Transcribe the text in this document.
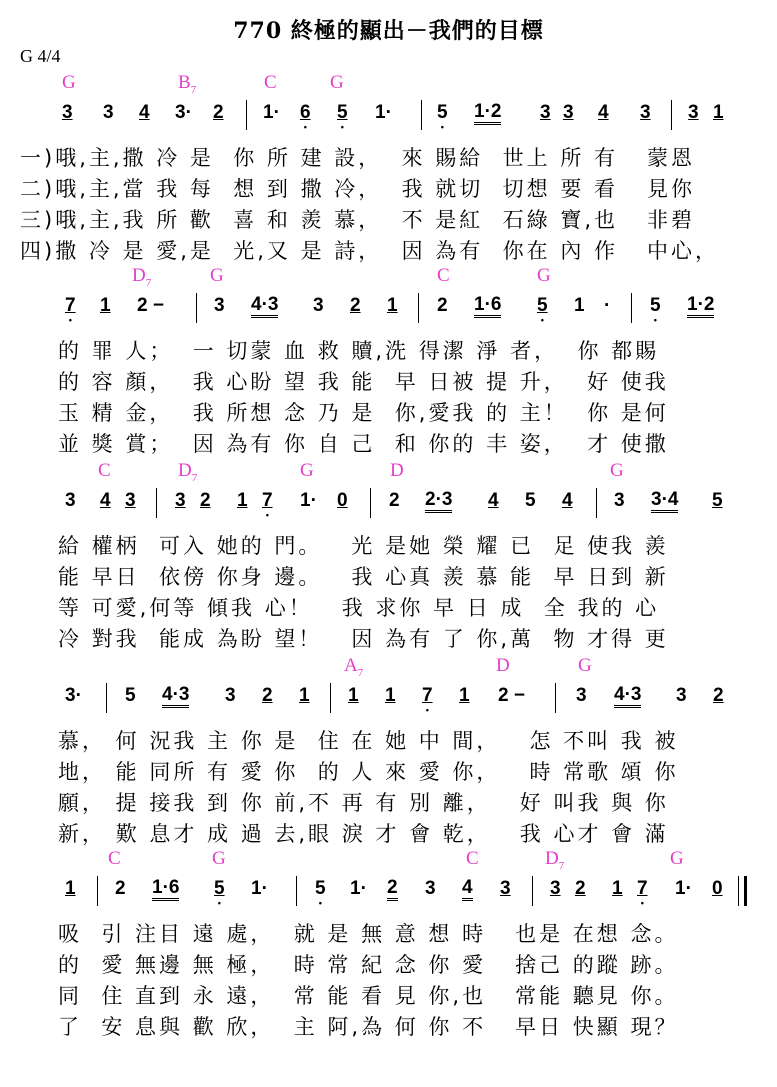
770 終極的顯出－我們的目標
G 4/4
G	$B_7$	C	G
3 3 4 3· 2 1· 6 • 5 • 1· 5 • 1·2 3 3 4 3 3 1
一)哦,主,撒 冷 是  你 所 建 設，  來 賜給  世上 所 有   蒙恩
二)哦,主,當 我 每  想 到 撒 冷，  我 就切  切想 要 看   見你
三)哦,主,我 所 歡  喜 和 羨 慕，  不 是紅  石綠 寶,也   非碧
四)撒 冷 是 愛,是  光,又 是 詩，  因 為有  你在 內 作   中心，
$D_7$	G	C	G
7 • 1 2 −	3 4·3 3 2 1 2 1·6 5 • 1 · 5 • 1·2
的 罪 人；  一 切蒙 血 救 贖,洗 得潔 淨 者，  你 都賜
的 容 顏，  我 心盼 望 我 能  早 日被 提 升，  好 使我
玉 精 金，  我 所想 念 乃 是  你,愛我 的 主！  你 是何
並 獎 賞；  因 為有 你 自 己  和 你的 丰 姿，  才 使撒
C	$D_7$	G	D	G
3 4 3 3 2 1 7 • 1· 0 2 2·3 4 5 4 3 3·4 5
給 權柄  可入 她的 門。   光 是她 榮 耀 已  足 使我 羨
能 早日  依傍 你身 邊。   我 心真 羨 慕 能  早 日到 新
等 可愛,何等 傾我 心！   我 求你 早 日 成  全 我的 心
冷 對我  能成 為盼 望！   因 為有 了 你,萬  物 才得 更
$A_7$	D	G
3· 5 4·3 3 2 1 1 1 7 • 1 2 −	3 4·3 3 2
慕， 何 況我 主 你 是  住 在 她 中 間，   怎 不叫 我 被
地， 能 同所 有 愛 你  的 人 來 愛 你，   時 常歌 頌 你
願， 提 接我 到 你 前,不 再 有 別 離，   好 叫我 與 你
新， 歎 息才 成 過 去,眼 淚 才 會 乾，   我 心才 會 滿
C	G	C	$D_7$	G
1 2 1·6 5 • 1· 5 • 1· 2 3 4 3 3 2 1 7 • 1· 0
吸  引 注目 遠 處，  就 是 無 意 想 時   也是 在想 念。
的  愛 無邊 無 極，  時 常 紀 念 你 愛   捨己 的蹤 跡。
同  住 直到 永 遠，  常 能 看 見 你,也   常能 聽見 你。
了  安 息與 歡 欣，  主 阿,為 何 你 不   早日 快顯 現？
